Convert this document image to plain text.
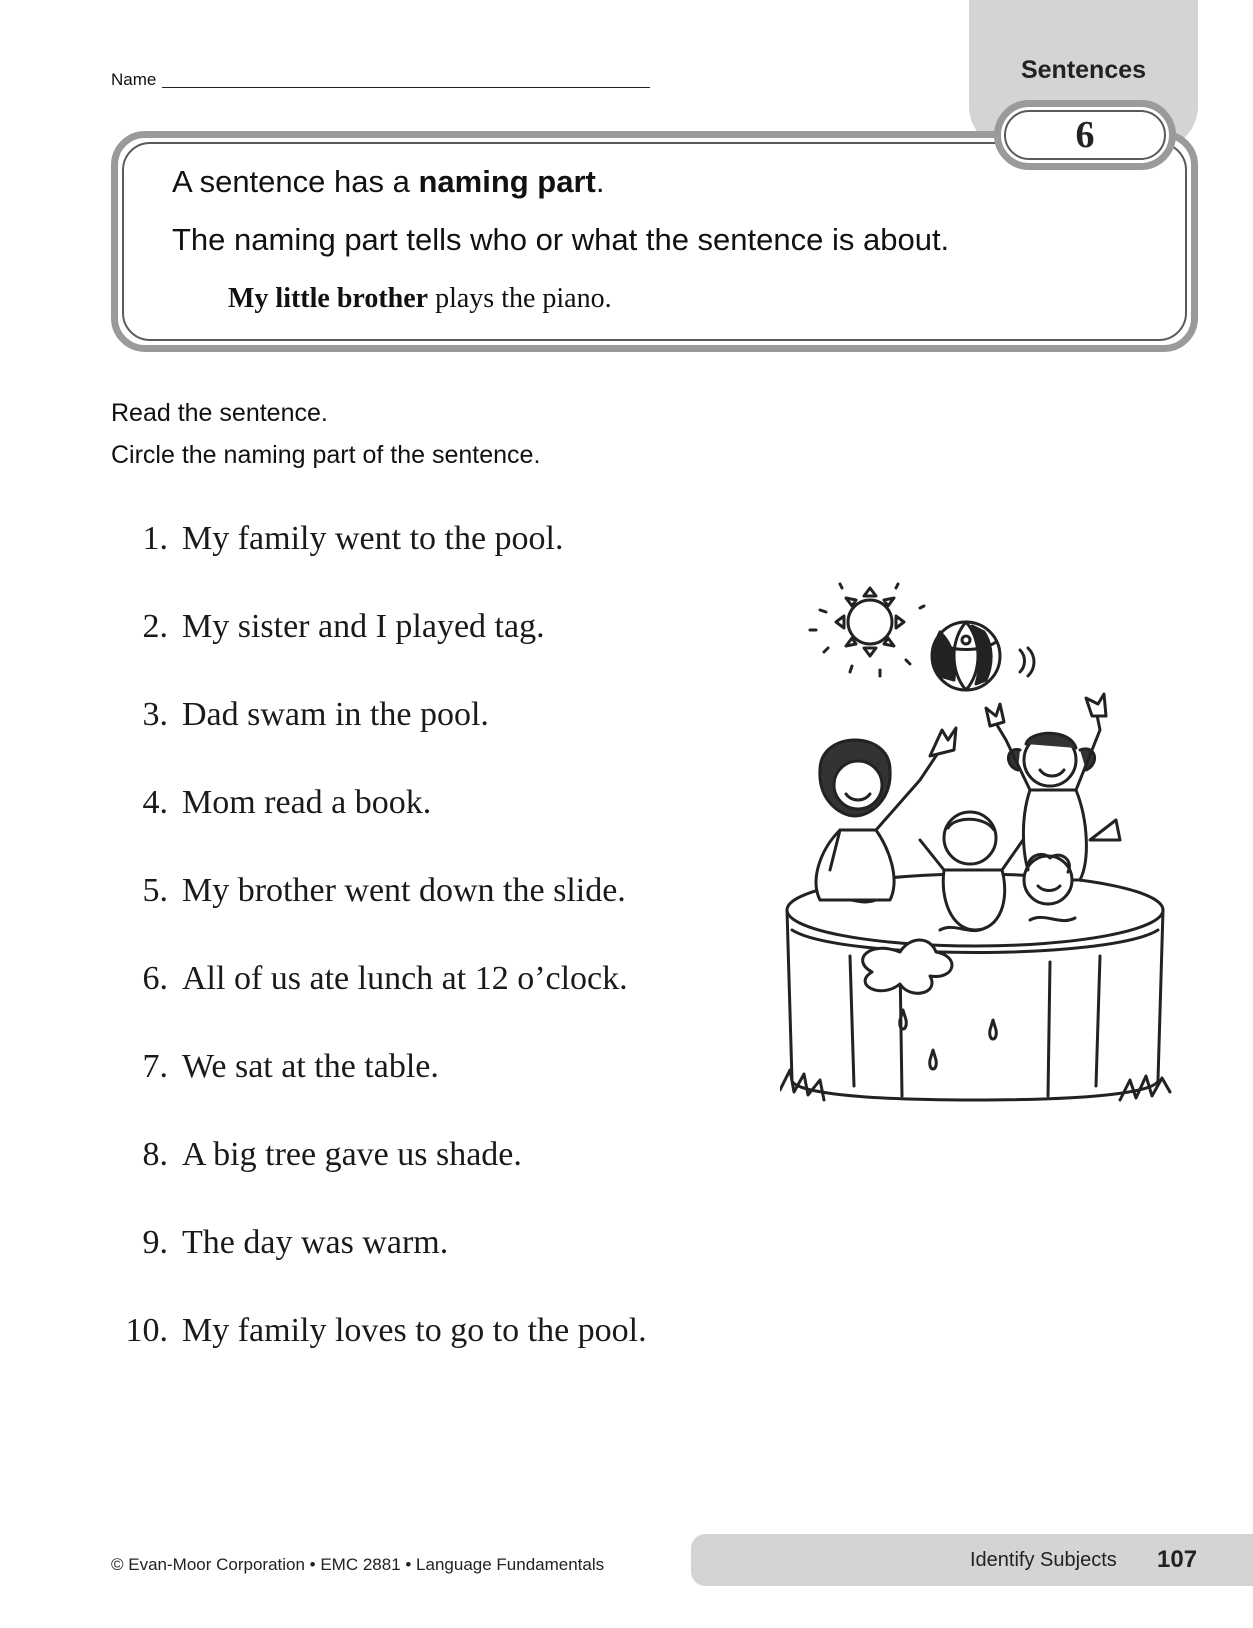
Name	Sentences
6
A sentence has a naming part.
The naming part tells who or what the sentence is about.
My little brother plays the piano.
Read the sentence.
Circle the naming part of the sentence.
1. My family went to the pool.
2. My sister and I played tag.
3. Dad swam in the pool.
4. Mom read a book.
5. My brother went down the slide.
6. All of us ate lunch at 12 o’clock.
7. We sat at the table.
8. A big tree gave us shade.
9. The day was warm.
10. My family loves to go to the pool.
© Evan-Moor Corporation • EMC 2881 • Language Fundamentals	Identify Subjects 107
